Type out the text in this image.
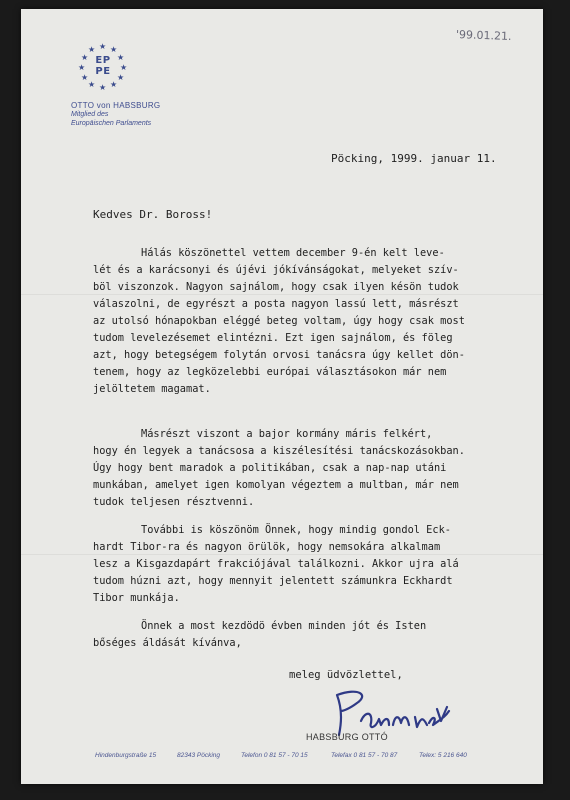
★ ★
★
★
★
★
★
★
★
★
★
★
EP
PE
OTTO von HABSBURG
Mitglied des
Europäischen Parlaments
'99.01.21.
Pöcking, 1999. januar 11.
Kedves Dr. Boross!
Hálás köszönettel vettem december 9-én kelt leve-
lét és a karácsonyi és újévi jókívánságokat, melyeket szív-
böl viszonzok. Nagyon sajnálom, hogy csak ilyen késön tudok
válaszolni, de egyrészt a posta nagyon lassú lett, másrészt
az utolsó hónapokban eléggé beteg voltam, úgy hogy csak most
tudom levelezésemet elintézni. Ezt igen sajnálom, és föleg
azt, hogy betegségem folytán orvosi tanácsra úgy kellet dön-
tenem, hogy az legközelebbi európai választásokon már nem
jelöltetem magamat.
Másrészt viszont a bajor kormány máris felkért,
hogy én legyek a tanácsosa a kiszélesítési tanácskozásokban.
Úgy hogy bent maradok a politikában, csak a nap-nap utáni
munkában, amelyet igen komolyan végeztem a multban, már nem
tudok teljesen résztvenni.
További is köszönöm Önnek, hogy mindig gondol Eck-
hardt Tibor-ra és nagyon örülök, hogy nemsokára alkalmam
lesz a Kisgazdapárt frakciójával találkozni. Akkor ujra alá
tudom húzni azt, hogy mennyit jelentett számunkra Eckhardt
Tibor munkája.
Önnek a most kezdödö évben minden jót és Isten
bőséges áldását kívánva,
meleg üdvözlettel,
HABSBURG OTTÓ
Hindenburgstraße 15	82343 Pöcking	Telefon 0 81 57 - 70 15	Telefax 0 81 57 - 70 87	Telex: 5 216 640
